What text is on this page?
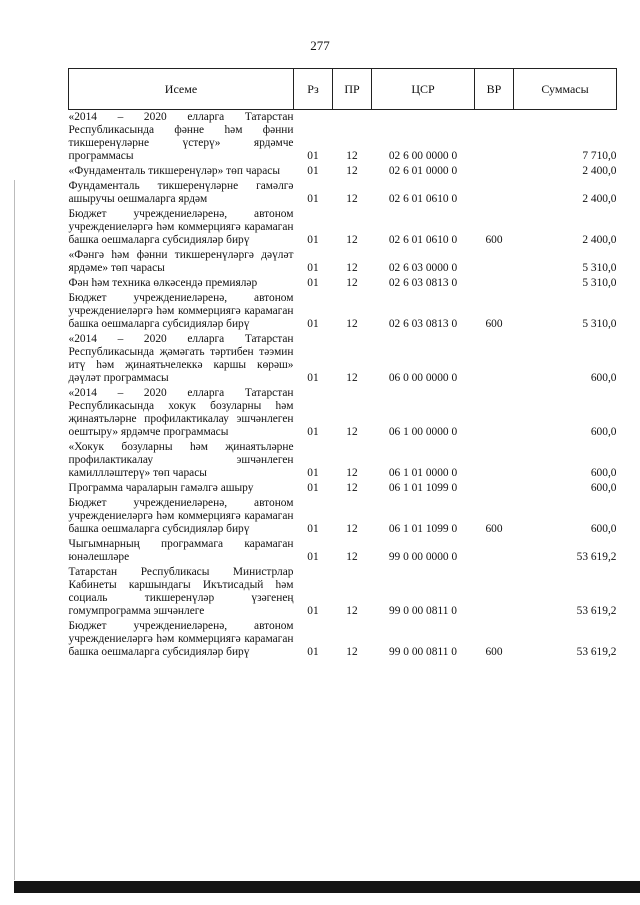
277
Исеме	Рз	ПР	ЦСР	ВР	Суммасы
«2014 – 2020 елларга Татарстан Республикасында фәнне һәм фәнни тикшеренүләрне үстерү» ярдәмче программасы	01	12	02 6 00 0000 0		7 710,0
«Фундаменталь тикшеренүләр» төп чарасы	01	12	02 6 01 0000 0		2 400,0
Фундаменталь тикшеренүләрне гамәлгә ашыручы оешмаларга ярдәм	01	12	02 6 01 0610 0		2 400,0
Бюджет учреждениеләренә, автоном учреждениеләргә һәм коммерциягә карамаган башка оешмаларга субсидияләр бирү	01	12	02 6 01 0610 0	600	2 400,0
«Фәнгә һәм фәнни тикшеренүләргә дәүләт ярдәме» төп чарасы	01	12	02 6 03 0000 0		5 310,0
Фән һәм техника өлкәсендә премияләр	01	12	02 6 03 0813 0		5 310,0
Бюджет учреждениеләренә, автоном учреждениеләргә һәм коммерциягә карамаган башка оешмаларга субсидияләр бирү	01	12	02 6 03 0813 0	600	5 310,0
«2014 – 2020 елларга Татарстан Республикасында җәмәгать тәртибен тәэмин итү һәм җинаятьчелеккә каршы көрәш» дәүләт программасы	01	12	06 0 00 0000 0		600,0
«2014 – 2020 елларга Татарстан Республикасында хокук бозуларны һәм җинаятьләрне профилактикалау эшчәнлеген оештыру» ярдәмче программасы	01	12	06 1 00 0000 0		600,0
«Хокук бозуларны һәм җинаятьләрне профилактикалау эшчәнлеген камиллләштерү» төп чарасы	01	12	06 1 01 0000 0		600,0
Программа чараларын гамәлгә ашыру	01	12	06 1 01 1099 0		600,0
Бюджет учреждениеләренә, автоном учреждениеләргә һәм коммерциягә карамаган башка оешмаларга субсидияләр бирү	01	12	06 1 01 1099 0	600	600,0
Чыгымнарның программага карамаган юнәлешләре	01	12	99 0 00 0000 0		53 619,2
Татарстан Республикасы Министрлар Кабинеты каршындагы Икътисадый һәм социаль тикшеренүләр үзәгенең гомумпрограмма эшчәнлеге	01	12	99 0 00 0811 0		53 619,2
Бюджет учреждениеләренә, автоном учреждениеләргә һәм коммерциягә карамаган башка оешмаларга субсидияләр бирү	01	12	99 0 00 0811 0	600	53 619,2
